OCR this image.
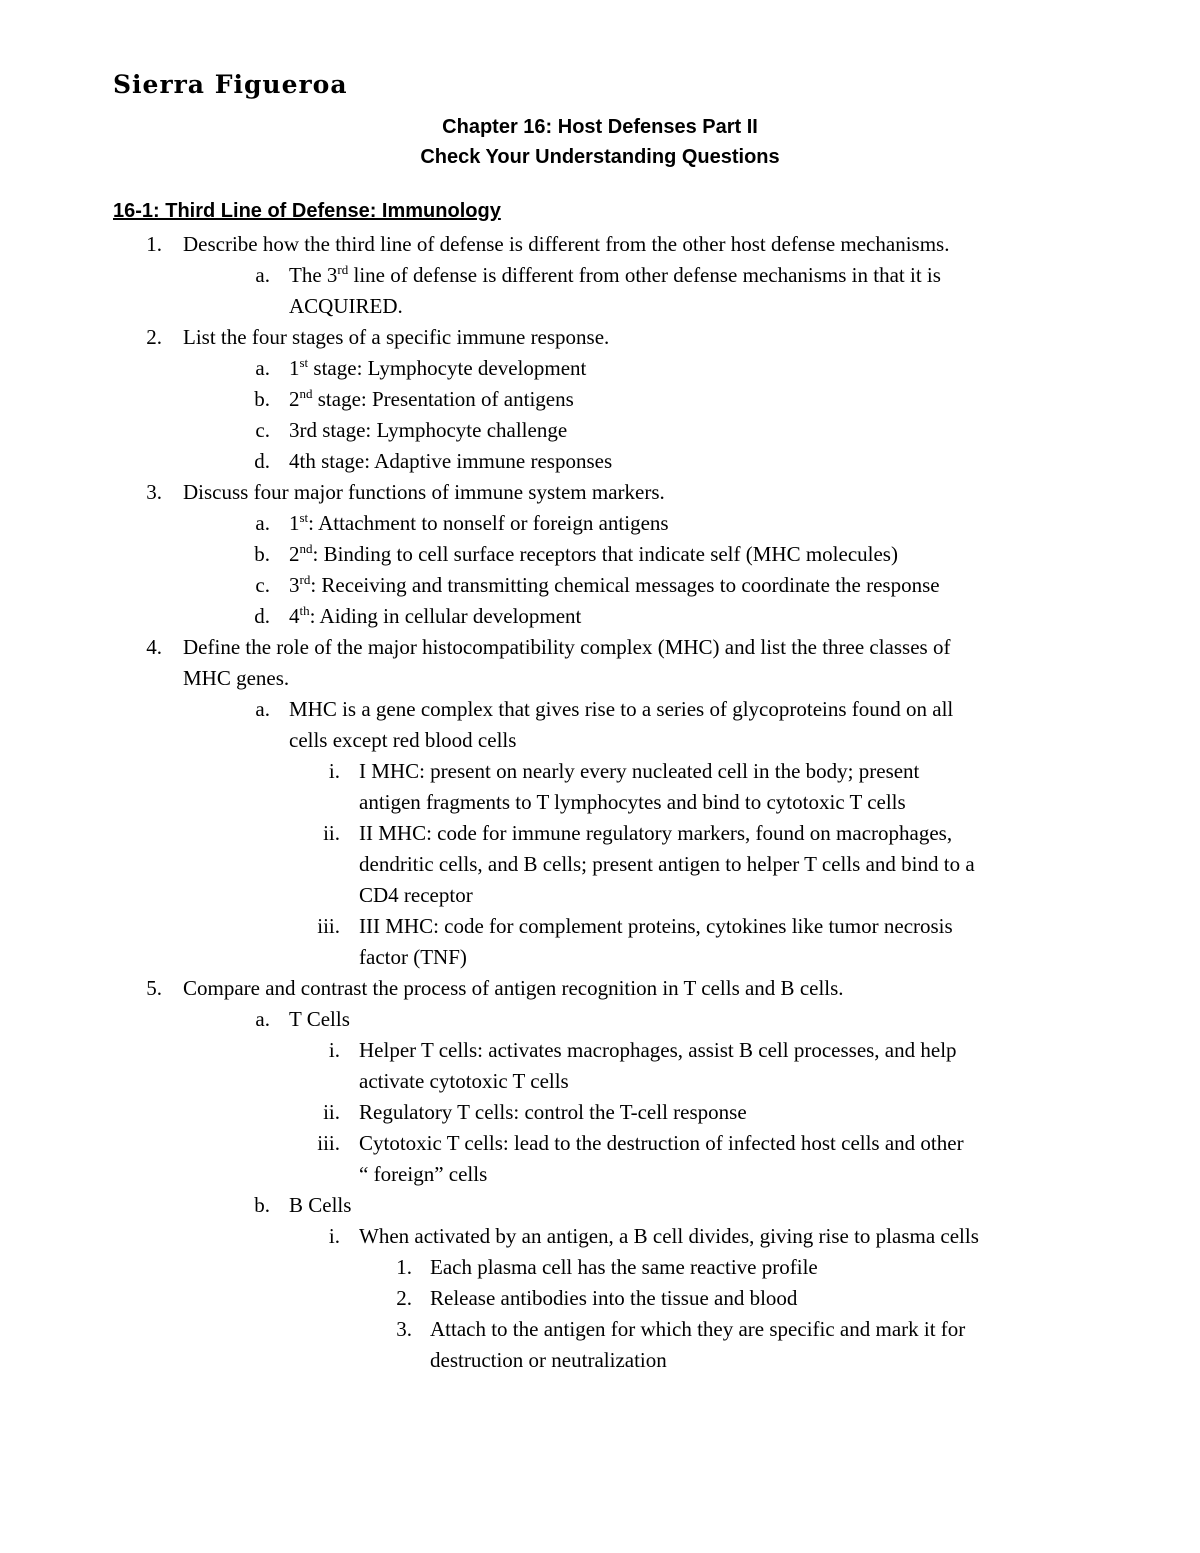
Sierra Figueroa
Chapter 16: Host Defenses Part II
Check Your Understanding Questions
16-1: Third Line of Defense: Immunology
1. Describe how the third line of defense is different from the other host defense mechanisms.
a. The 3rd line of defense is different from other defense mechanisms in that it is
ACQUIRED.
2. List the four stages of a specific immune response.
a. 1st stage: Lymphocyte development
b. 2nd stage: Presentation of antigens
c. 3rd stage: Lymphocyte challenge
d. 4th stage: Adaptive immune responses
3. Discuss four major functions of immune system markers.
a. 1st: Attachment to nonself or foreign antigens
b. 2nd: Binding to cell surface receptors that indicate self (MHC molecules)
c. 3rd: Receiving and transmitting chemical messages to coordinate the response
d. 4th: Aiding in cellular development
4. Define the role of the major histocompatibility complex (MHC) and list the three classes of
MHC genes.
a. MHC is a gene complex that gives rise to a series of glycoproteins found on all
cells except red blood cells
i. I MHC: present on nearly every nucleated cell in the body; present
antigen fragments to T lymphocytes and bind to cytotoxic T cells
ii. II MHC: code for immune regulatory markers, found on macrophages,
dendritic cells, and B cells; present antigen to helper T cells and bind to a
CD4 receptor
iii. III MHC: code for complement proteins, cytokines like tumor necrosis
factor (TNF)
5. Compare and contrast the process of antigen recognition in T cells and B cells.
a. T Cells
i. Helper T cells: activates macrophages, assist B cell processes, and help
activate cytotoxic T cells
ii. Regulatory T cells: control the T-cell response
iii. Cytotoxic T cells: lead to the destruction of infected host cells and other
“ foreign” cells
b. B Cells
i. When activated by an antigen, a B cell divides, giving rise to plasma cells
1. Each plasma cell has the same reactive profile
2. Release antibodies into the tissue and blood
3. Attach to the antigen for which they are specific and mark it for
destruction or neutralization
